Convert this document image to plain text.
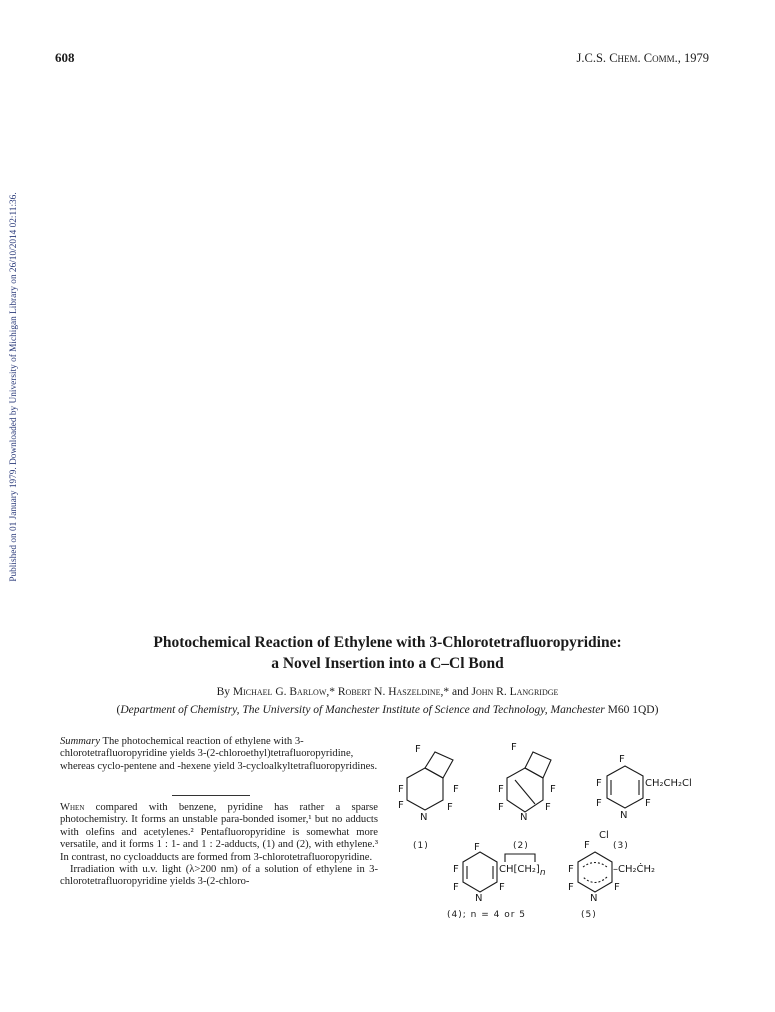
608	J.C.S. Chem. Comm., 1979
Published on 01 January 1979. Downloaded by University of Michigan Library on 26/10/2014 02:11:36.
Photochemical Reaction of Ethylene with 3-Chlorotetrafluoropyridine:
a Novel Insertion into a C–Cl Bond
By Michael G. Barlow,* Robert N. Haszeldine,* and John R. Langridge
(Department of Chemistry, The University of Manchester Institute of Science and Technology, Manchester M60 1QD)

Summary The photochemical reaction of ethylene with 3-chlorotetrafluoropyridine yields 3-(2-chloroethyl)tetrafluoropyridine, whereas cyclo-pentene and -hexene yield 3-cycloalkyltetrafluoropyridines.

When compared with benzene, pyridine has rather a sparse photochemistry. It forms an unstable para-bonded isomer,¹ but no adducts with olefins and acetylenes.² Pentafluoropyridine is somewhat more versatile, and it forms 1 : 1- and 1 : 2-adducts, (1) and (2), with ethylene.³ In contrast, no cycloadducts are formed from 3-chlorotetrafluoropyridine.

Irradiation with u.v. light (λ>200 nm) of a solution of ethylene in 3-chlorotetrafluoropyridine yields 3-(2-chloro-

F
F	F
F	F
N
(1)
F
F	F
F	F
N
(2)
F
F	CH₂CH₂Cl
F	F
N
(3)
F
F	CH[CH₂]n
F	F
N
(4); n = 4 or 5
Cl
F
F	–CH₂ĊH₂
F	F
N
(5)
